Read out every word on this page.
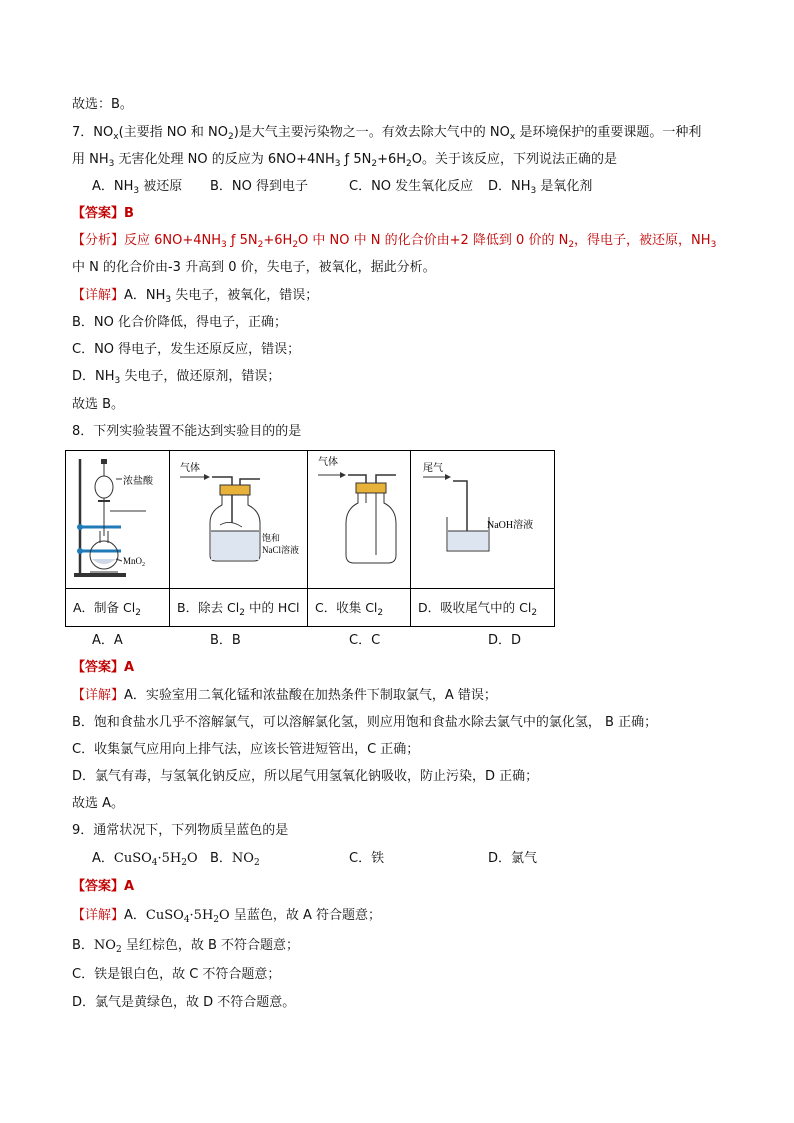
故选：B。
7．$NO_x$(主要指 NO 和 $NO_2$)是大气主要污染物之一。有效去除大气中的 $NO_x$ 是环境保护的重要课题。一种利
用 $NH_3$ 无害化处理 NO 的反应为 $6NO+4NH_3$ ƒ $5N_2+6H_2O$。关于该反应，下列说法正确的是
A．$NH_3$ 被还原 B．NO 得到电子	C．NO 发生氧化反应 D．$NH_3$ 是氧化剂
【答案】B
【分析】反应 $6NO+4NH_3$ ƒ $5N_2+6H_2O$ 中 NO 中 N 的化合价由+2 降低到 0 价的 $N_2$，得电子，被还原，$NH_3$
中 N 的化合价由-3 升高到 0 价，失电子，被氧化，据此分析。
【详解】A．$NH_3$ 失电子，被氧化，错误；
B．NO 化合价降低，得电子，正确；
C．NO 得电子，发生还原反应，错误；
D．$NH_3$ 失电子，做还原剂，错误；
故选 B。
8．下列实验装置不能达到实验目的的是
浓盐酸
MnO$_2$	气体
饱和
NaCl溶液	气体	尾气
NaOH溶液

A．制备 $Cl_2$	B．除去 $Cl_2$ 中的 HCl	C．收集 $Cl_2$	D．吸收尾气中的 $Cl_2$
A．A	B．B	C．C	D．D
【答案】A
【详解】A．实验室用二氧化锰和浓盐酸在加热条件下制取氯气，A 错误；
B．饱和食盐水几乎不溶解氯气，可以溶解氯化氢，则应用饱和食盐水除去氯气中的氯化氢， B 正确；
C．收集氯气应用向上排气法，应该长管进短管出，C 正确；
D．氯气有毒，与氢氧化钠反应，所以尾气用氢氧化钠吸收，防止污染，D 正确；
故选 A。
9．通常状况下，下列物质呈蓝色的是
A．$CuSO_4\cdot 5H_2O$ B．$NO_2$	C．铁	D．氯气
【答案】A
【详解】A．$CuSO_4\cdot 5H_2O$ 呈蓝色，故 A 符合题意；
B．$NO_2$ 呈红棕色，故 B 不符合题意；
C．铁是银白色，故 C 不符合题意；
D．氯气是黄绿色，故 D 不符合题意。
